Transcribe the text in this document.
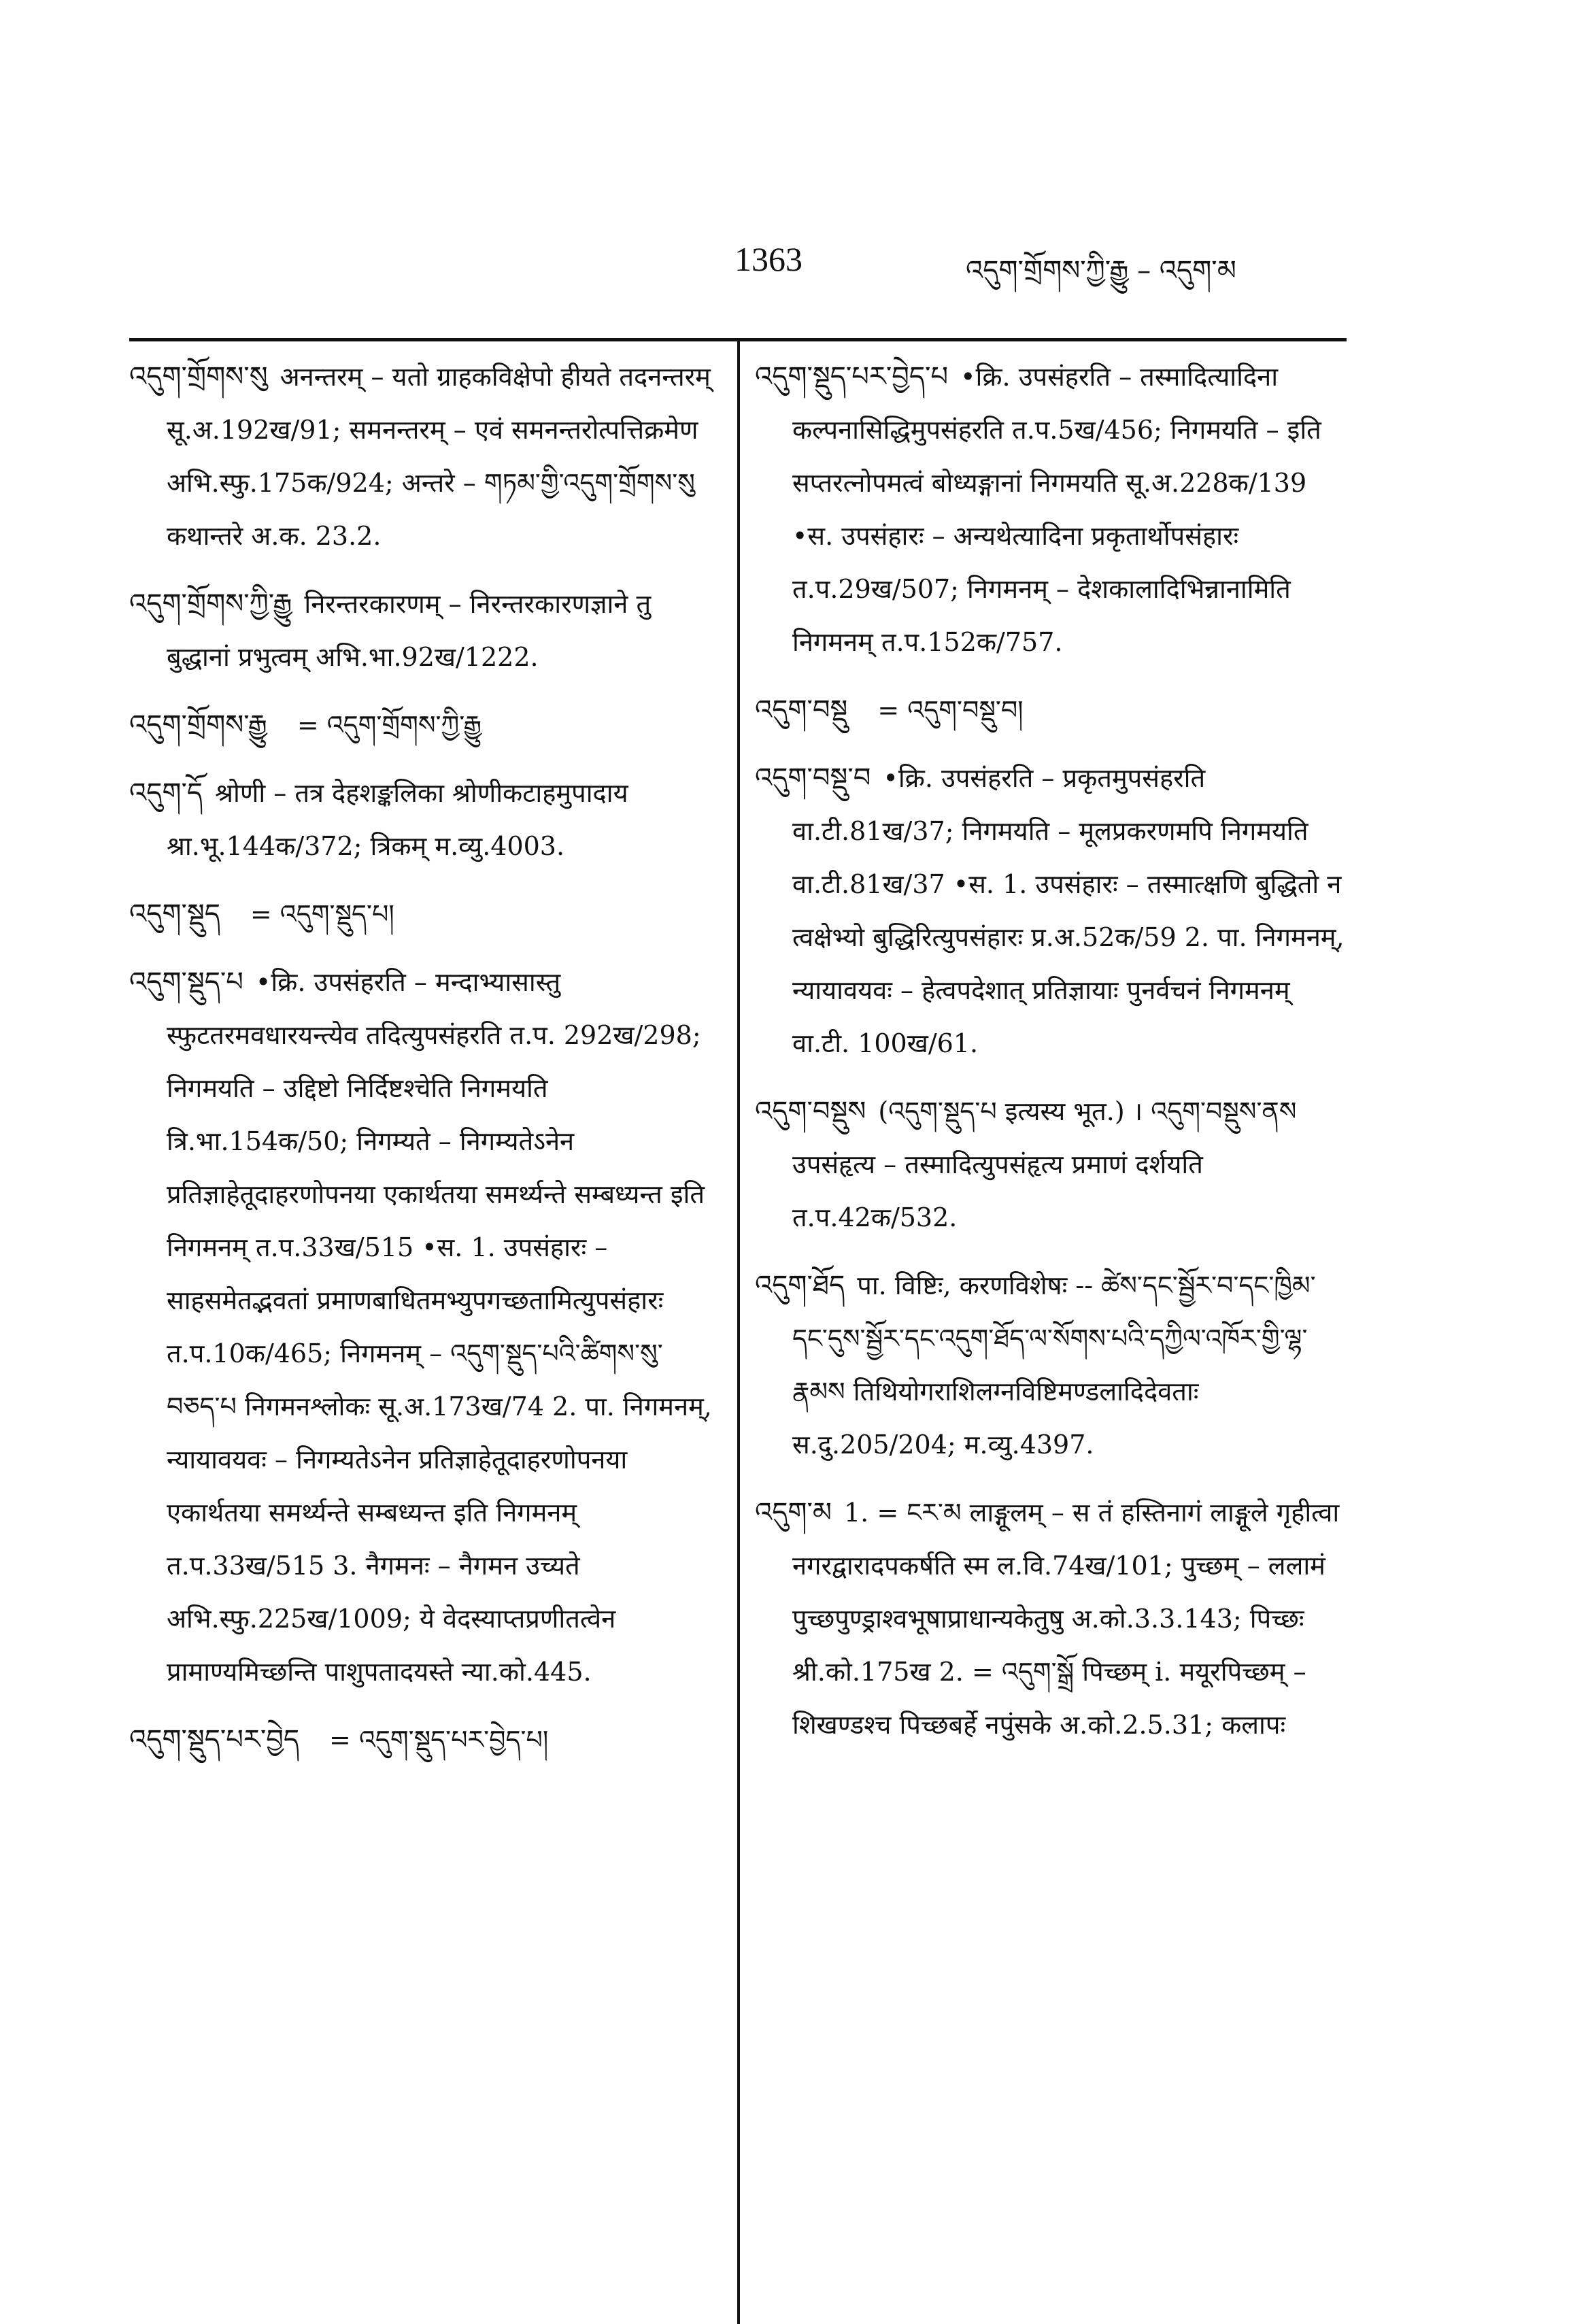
1363	འདུག་གྲོགས་ཀྱི་རྒྱུ – འདུག་མ
འདུག་གྲོགས་སུ अनन्तरम् – यतो ग्राहकविक्षेपो हीयते तदनन्तरम् सू.अ.192ख/91; समनन्तरम् – एवं समनन्तरोत्पत्तिक्रमेण अभि.स्फु.175क/924; अन्तरे – གཏམ་གྱི་འདུག་གྲོགས་སུ कथान्तरे अ.क. 23.2.
འདུག་གྲོགས་ཀྱི་རྒྱུ निरन्तरकारणम् – निरन्तरकारणज्ञाने तु बुद्धानां प्रभुत्वम् अभि.भा.92ख/1222.
འདུག་གྲོགས་རྒྱུ = འདུག་གྲོགས་ཀྱི་རྒྱུ
འདུག་དོ श्रोणी – तत्र देहशङ्कलिका श्रोणीकटाहमुपादाय श्रा.भू.144क/372; त्रिकम् म.व्यु.4003.
འདུག་སྡུད = འདུག་སྡུད་པ།
འདུག་སྡུད་པ •क्रि. उपसंहरति – मन्दाभ्यासास्तु स्फुटतरमवधारयन्त्येव तदित्युपसंहरति त.प. 292ख/298; निगमयति – उद्दिष्टो निर्दिष्टश्चेति निगमयति त्रि.भा.154क/50; निगम्यते – निगम्यतेऽनेन प्रतिज्ञाहेतूदाहरणोपनया एकार्थतया समर्थ्यन्ते सम्बध्यन्त इति निगमनम् त.प.33ख/515 •स. 1. उपसंहारः – साहसमेतद्भवतां प्रमाणबाधितमभ्युपगच्छतामित्युपसंहारः त.प.10क/465; निगमनम् – འདུག་སྡུད་པའི་ཚིགས་སུ་བཅད་པ निगमनश्लोकः सू.अ.173ख/74 2. पा. निगमनम्, न्यायावयवः – निगम्यतेऽनेन प्रतिज्ञाहेतूदाहरणोपनया एकार्थतया समर्थ्यन्ते सम्बध्यन्त इति निगमनम् त.प.33ख/515 3. नैगमनः – नैगमन उच्यते अभि.स्फु.225ख/1009; ये वेदस्याप्तप्रणीतत्वेन प्रामाण्यमिच्छन्ति पाशुपतादयस्ते न्या.को.445.
འདུག་སྡུད་པར་བྱེད = འདུག་སྡུད་པར་བྱེད་པ།
འདུག་སྡུད་པར་བྱེད་པ •क्रि. उपसंहरति – तस्मादित्यादिना कल्पनासिद्धिमुपसंहरति त.प.5ख/456; निगमयति – इति सप्तरत्नोपमत्वं बोध्यङ्गानां निगमयति सू.अ.228क/139 •स. उपसंहारः – अन्यथेत्यादिना प्रकृतार्थोपसंहारः त.प.29ख/507; निगमनम् – देशकालादिभिन्नानामिति निगमनम् त.प.152क/757.
འདུག་བསྡུ = འདུག་བསྡུ་བ།
འདུག་བསྡུ་བ •क्रि. उपसंहरति – प्रकृतमुपसंहरति वा.टी.81ख/37; निगमयति – मूलप्रकरणमपि निगमयति वा.टी.81ख/37 •स. 1. उपसंहारः – तस्मात्क्षणि बुद्धितो न त्वक्षेभ्यो बुद्धिरित्युपसंहारः प्र.अ.52क/59 2. पा. निगमनम्, न्यायावयवः – हेत्वपदेशात् प्रतिज्ञायाः पुनर्वचनं निगमनम् वा.टी. 100ख/61.
འདུག་བསྡུས (འདུག་སྡུད་པ इत्यस्य भूत.) । འདུག་བསྡུས་ནས उपसंहृत्य – तस्मादित्युपसंहृत्य प्रमाणं दर्शयति त.प.42क/532.
འདུག་ཐོད पा. विष्टिः, करणविशेषः -- ཚེས་དང་སྦྱོར་བ་དང་ཁྱིམ་དང་དུས་སྦྱོར་དང་འདུག་ཐོད་ལ་སོགས་པའི་དཀྱིལ་འཁོར་གྱི་ལྷ་རྣམས तिथियोगराशिलग्नविष्टिमण्डलादिदेवताः स.दु.205/204; म.व्यु.4397.
འདུག་མ 1. = ངར་མ लाङ्गूलम् – स तं हस्तिनागं लाङ्गूले गृहीत्वा नगरद्वारादपकर्षति स्म ल.वि.74ख/101; पुच्छम् – ललामं पुच्छपुण्ड्राश्वभूषाप्राधान्यकेतुषु अ.को.3.3.143; पिच्छः श्री.को.175ख 2. = འདུག་སྒྲོ पिच्छम् i. मयूरपिच्छम् – शिखण्डश्च पिच्छबर्हे नपुंसके अ.को.2.5.31; कलापः
